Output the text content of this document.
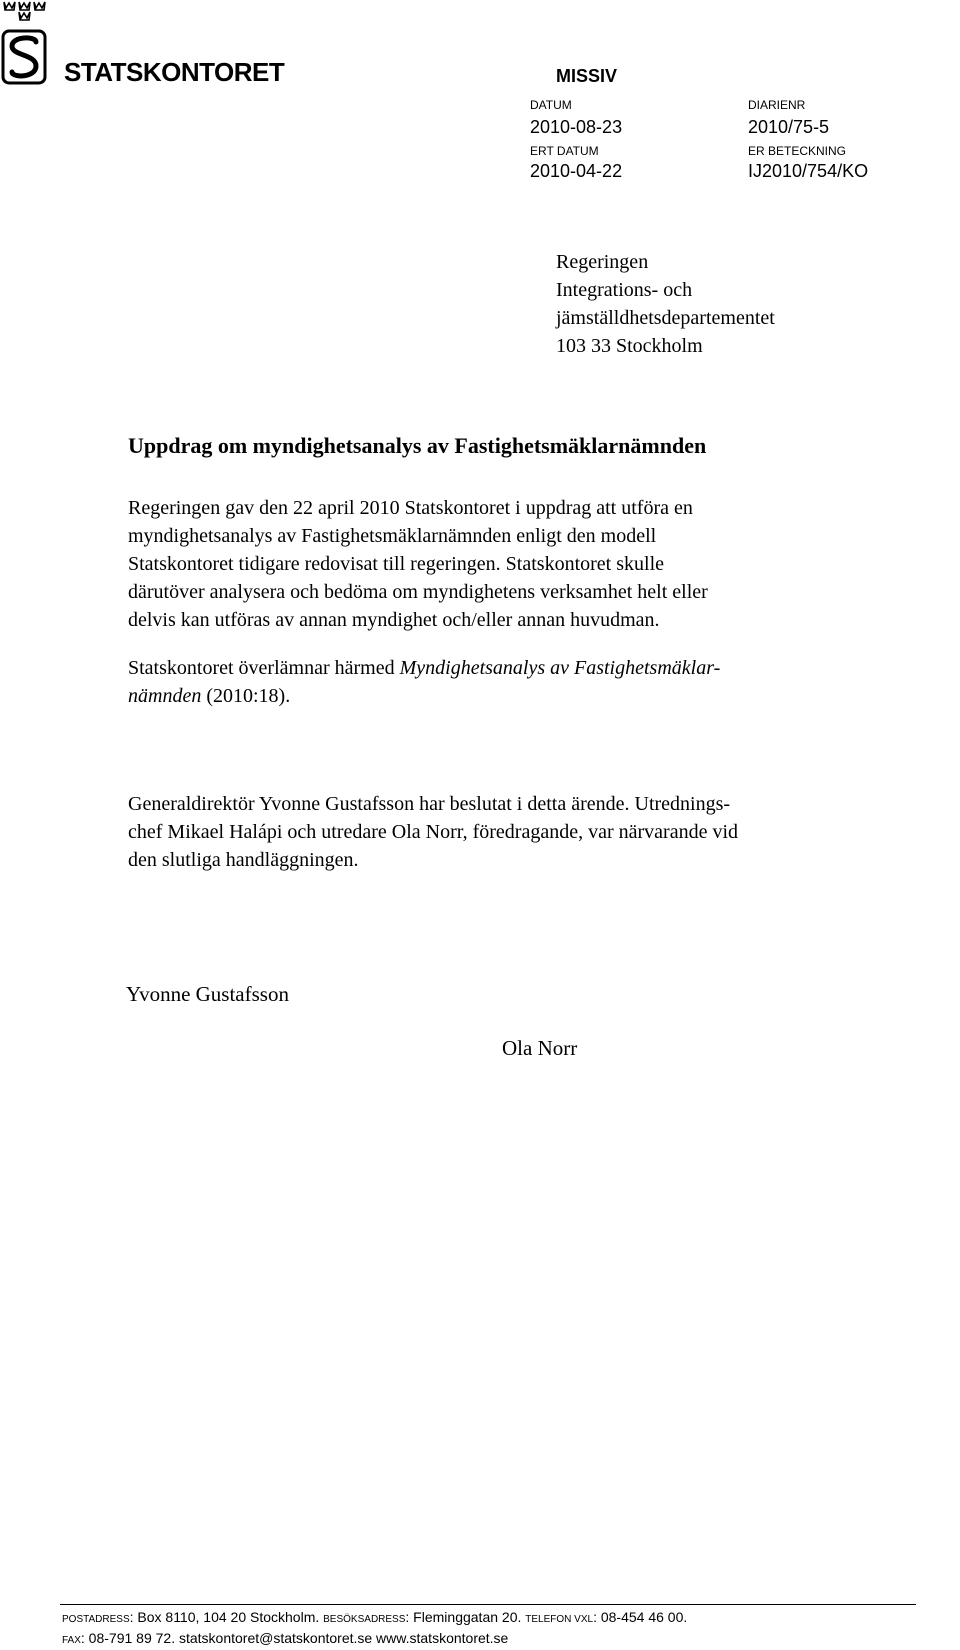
STATSKONTORET	MISSIV
DATUM
2010-08-23
DIARIENR
2010/75-5
ERT DATUM
2010-04-22
ER BETECKNING
IJ2010/754/KO
Regeringen
Integrations- och
jämställdhetsdepartementet
103 33 Stockholm
Uppdrag om myndighetsanalys av Fastighetsmäklarnämnden
Regeringen gav den 22 april 2010 Statskontoret i uppdrag att utföra en
myndighetsanalys av Fastighetsmäklarnämnden enligt den modell
Statskontoret tidigare redovisat till regeringen. Statskontoret skulle
därutöver analysera och bedöma om myndighetens verksamhet helt eller
delvis kan utföras av annan myndighet och/eller annan huvudman.
Statskontoret överlämnar härmed Myndighetsanalys av Fastighetsmäklar-
nämnden (2010:18).
Generaldirektör Yvonne Gustafsson har beslutat i detta ärende. Utrednings-
chef Mikael Halápi och utredare Ola Norr, föredragande, var närvarande vid
den slutliga handläggningen.
Yvonne Gustafsson
Ola Norr
POSTADRESS: Box 8110, 104 20 Stockholm. BESÖKSADRESS: Fleminggatan 20. TELEFON VXL: 08-454 46 00.
FAX: 08-791 89 72. statskontoret@statskontoret.se www.statskontoret.se
